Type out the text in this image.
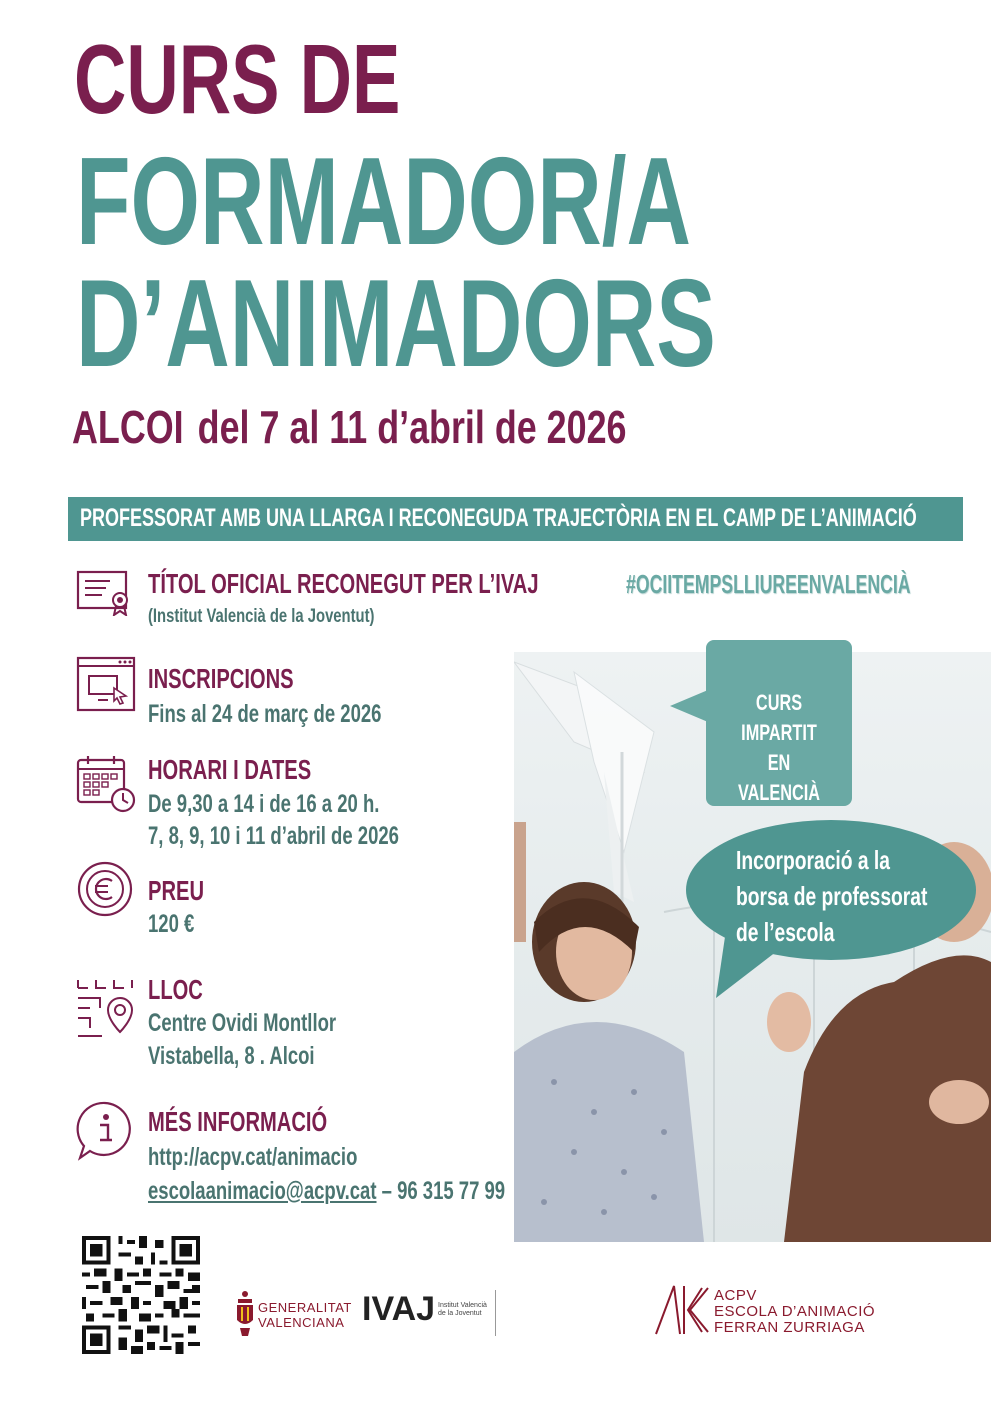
CURS DE
FORMADOR/A
D’ANIMADORS
ALCOI del 7 al 11 d’abril de 2026
PROFESSORAT AMB UNA LLARGA I RECONEGUDA TRAJECTÒRIA EN EL CAMP DE L’ANIMACIÓ
#OCIITEMPSLLIUREENVALENCIÀ
TÍTOL OFICIAL RECONEGUT PER L’IVAJ
(Institut Valencià de la Joventut)
INSCRIPCIONS
Fins al 24 de març de 2026
HORARI I DATES
De 9,30 a 14 i de 16 a 20 h.
7, 8, 9, 10 i 11 d’abril de 2026
PREU
120 €
LLOC
Centre Ovidi Montllor
Vistabella, 8 . Alcoi
MÉS INFORMACIÓ
http://acpv.cat/animacio
escolaanimacio@acpv.cat – 96 315 77 99
CURS IMPARTIT
EN VALENCIÀ
Incorporació a la
borsa de professorat
de l’escola
GENERALITAT
VALENCIANA IVAJ Institut Valencià
de la Joventut
ACPV
ESCOLA D’ANIMACIÓ
FERRAN ZURRIAGA
